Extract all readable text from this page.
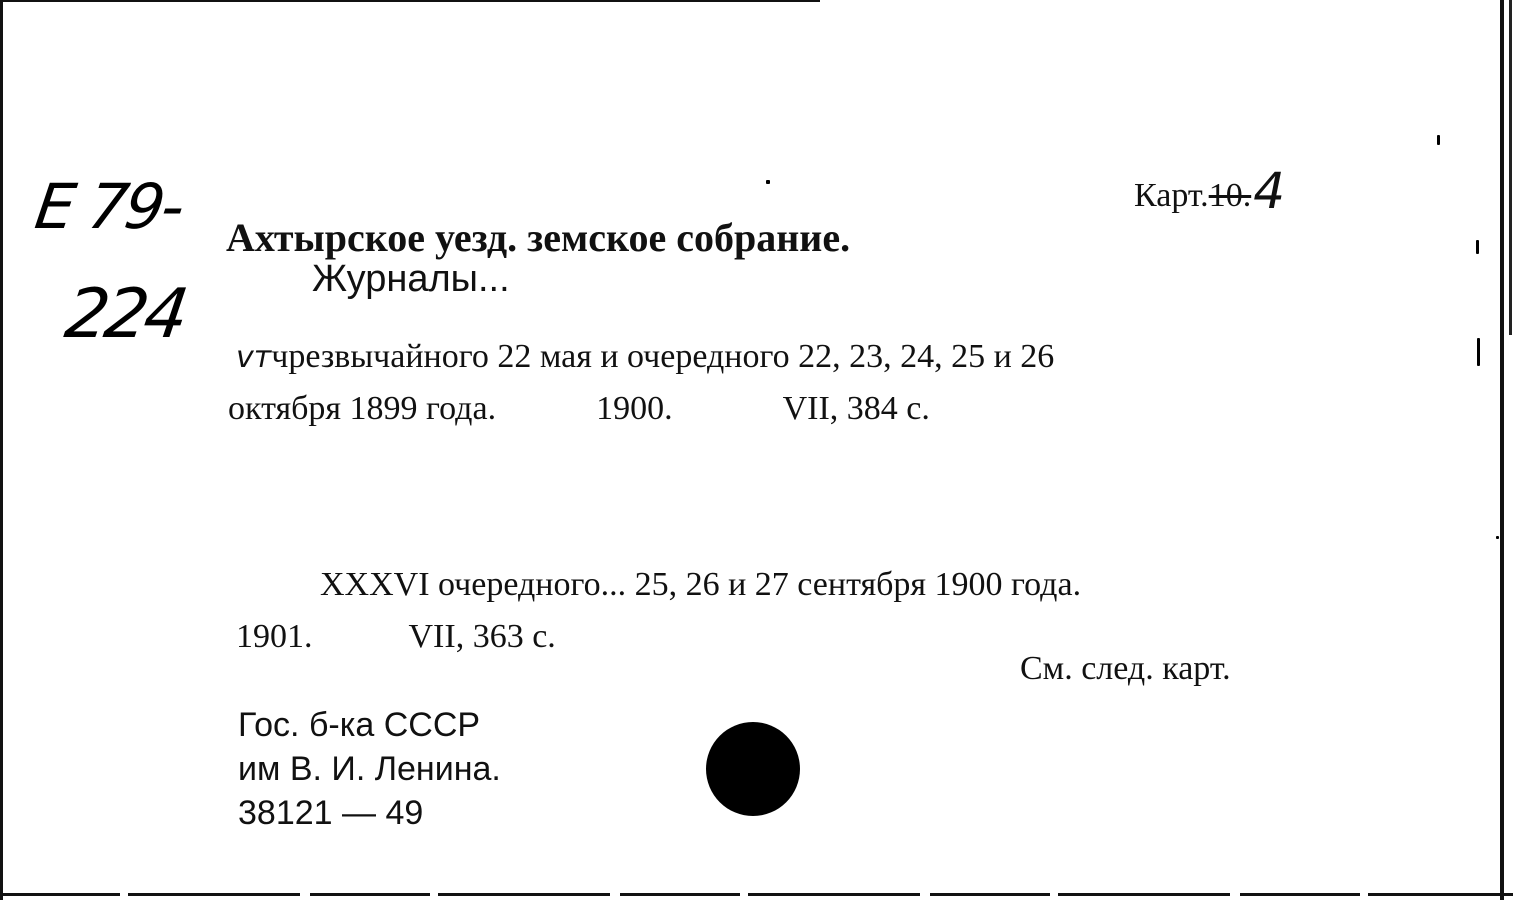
E 79-
224
Карт.10.4
Ахтырское уезд. земское собрание.
Журналы...
vтчрезвычайного 22 мая и очередного 22, 23, 24, 25 и 26
октября 1899 года.	1900.	VII, 384 с.
XXXVI очередного... 25, 26 и 27 сентября 1900 года.
1901.	VII, 363 с.
См. след. карт.
Гос. б-ка СССР
им В. И. Ленина.
38121 — 49
